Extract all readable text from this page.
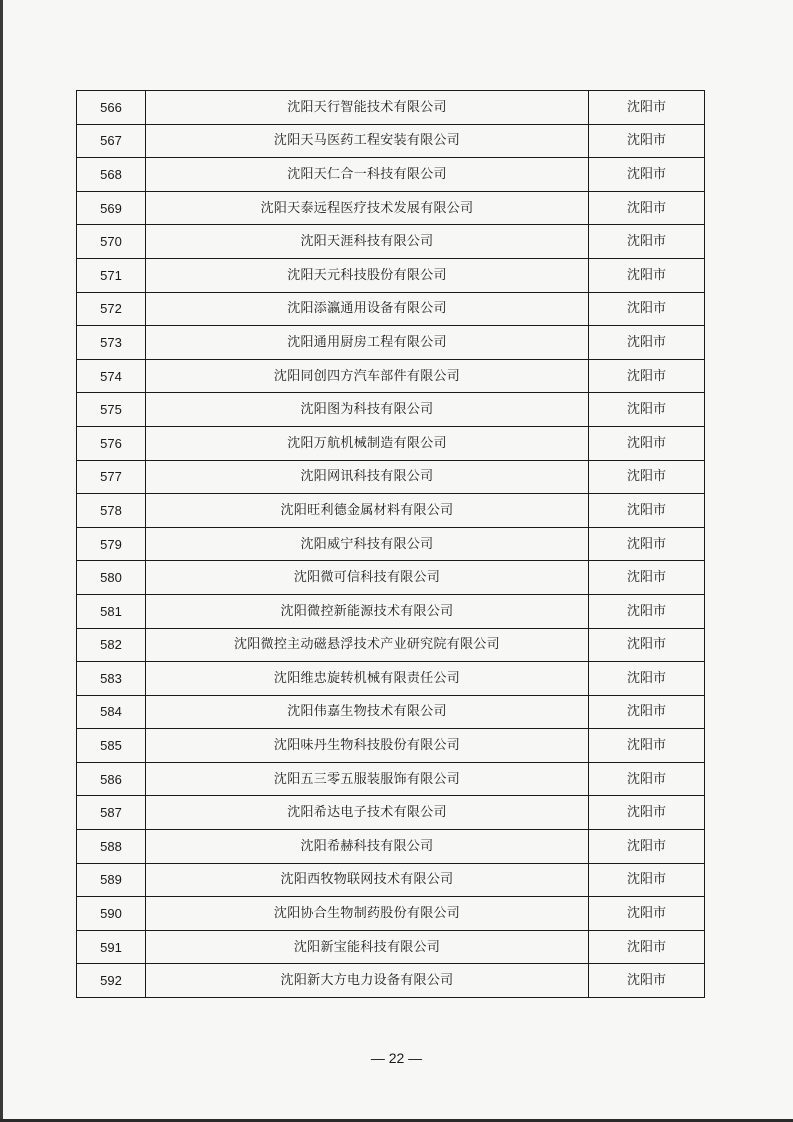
566	沈阳天行智能技术有限公司	沈阳市
567	沈阳天马医药工程安装有限公司	沈阳市
568	沈阳天仁合一科技有限公司	沈阳市
569	沈阳天泰远程医疗技术发展有限公司	沈阳市
570	沈阳天涯科技有限公司	沈阳市
571	沈阳天元科技股份有限公司	沈阳市
572	沈阳添瀛通用设备有限公司	沈阳市
573	沈阳通用厨房工程有限公司	沈阳市
574	沈阳同创四方汽车部件有限公司	沈阳市
575	沈阳图为科技有限公司	沈阳市
576	沈阳万航机械制造有限公司	沈阳市
577	沈阳网讯科技有限公司	沈阳市
578	沈阳旺利德金属材料有限公司	沈阳市
579	沈阳威宁科技有限公司	沈阳市
580	沈阳微可信科技有限公司	沈阳市
581	沈阳微控新能源技术有限公司	沈阳市
582	沈阳微控主动磁悬浮技术产业研究院有限公司	沈阳市
583	沈阳维忠旋转机械有限责任公司	沈阳市
584	沈阳伟嘉生物技术有限公司	沈阳市
585	沈阳味丹生物科技股份有限公司	沈阳市
586	沈阳五三零五服装服饰有限公司	沈阳市
587	沈阳希达电子技术有限公司	沈阳市
588	沈阳希赫科技有限公司	沈阳市
589	沈阳西牧物联网技术有限公司	沈阳市
590	沈阳协合生物制药股份有限公司	沈阳市
591	沈阳新宝能科技有限公司	沈阳市
592	沈阳新大方电力设备有限公司	沈阳市
— 22 —
